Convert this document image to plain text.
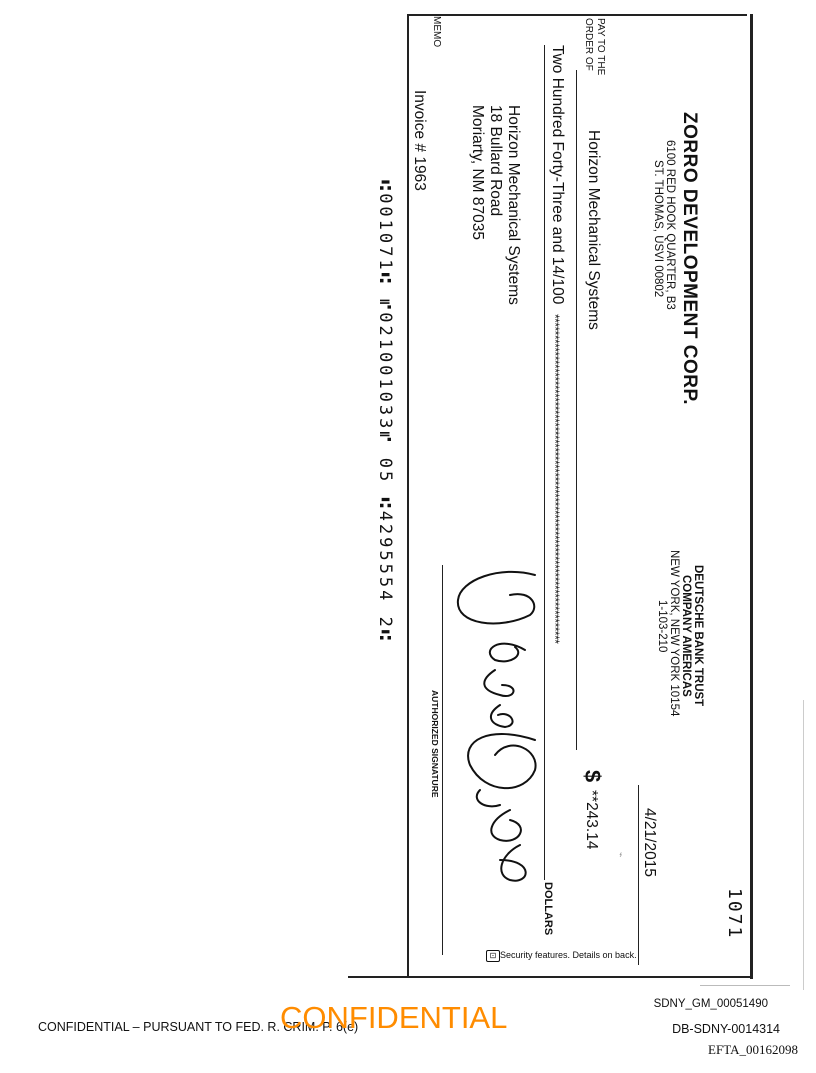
ZORRO DEVELOPMENT CORP.
6100 RED HOOK QUARTER, B3
ST. THOMAS, USVI 00802
DEUTSCHE BANK TRUST
COMPANY AMERICAS
NEW YORK, NEW YORK 10154
1-103-210
1071
4/21/2015
⌁
PAY TO THE
ORDER OF
Horizon Mechanical Systems
$
**243.14
Two Hundred Forty-Three and 14/100
*******************************************************************************
DOLLARS
Horizon Mechanical Systems
18 Bullard Road
Moriarty, NM 87035
MEMO
Invoice # 1963
AUTHORIZED SIGNATURE
Security features. Details on back.
⊡
⑆001071⑆ ⑈021001033⑈ 05 ⑆4295554 2⑆
CONFIDENTIAL – PURSUANT TO FED. R. CRIM. P. 6(e)
CONFIDENTIAL	SDNY_GM_00051490
DB-SDNY-0014314
EFTA_00162098
